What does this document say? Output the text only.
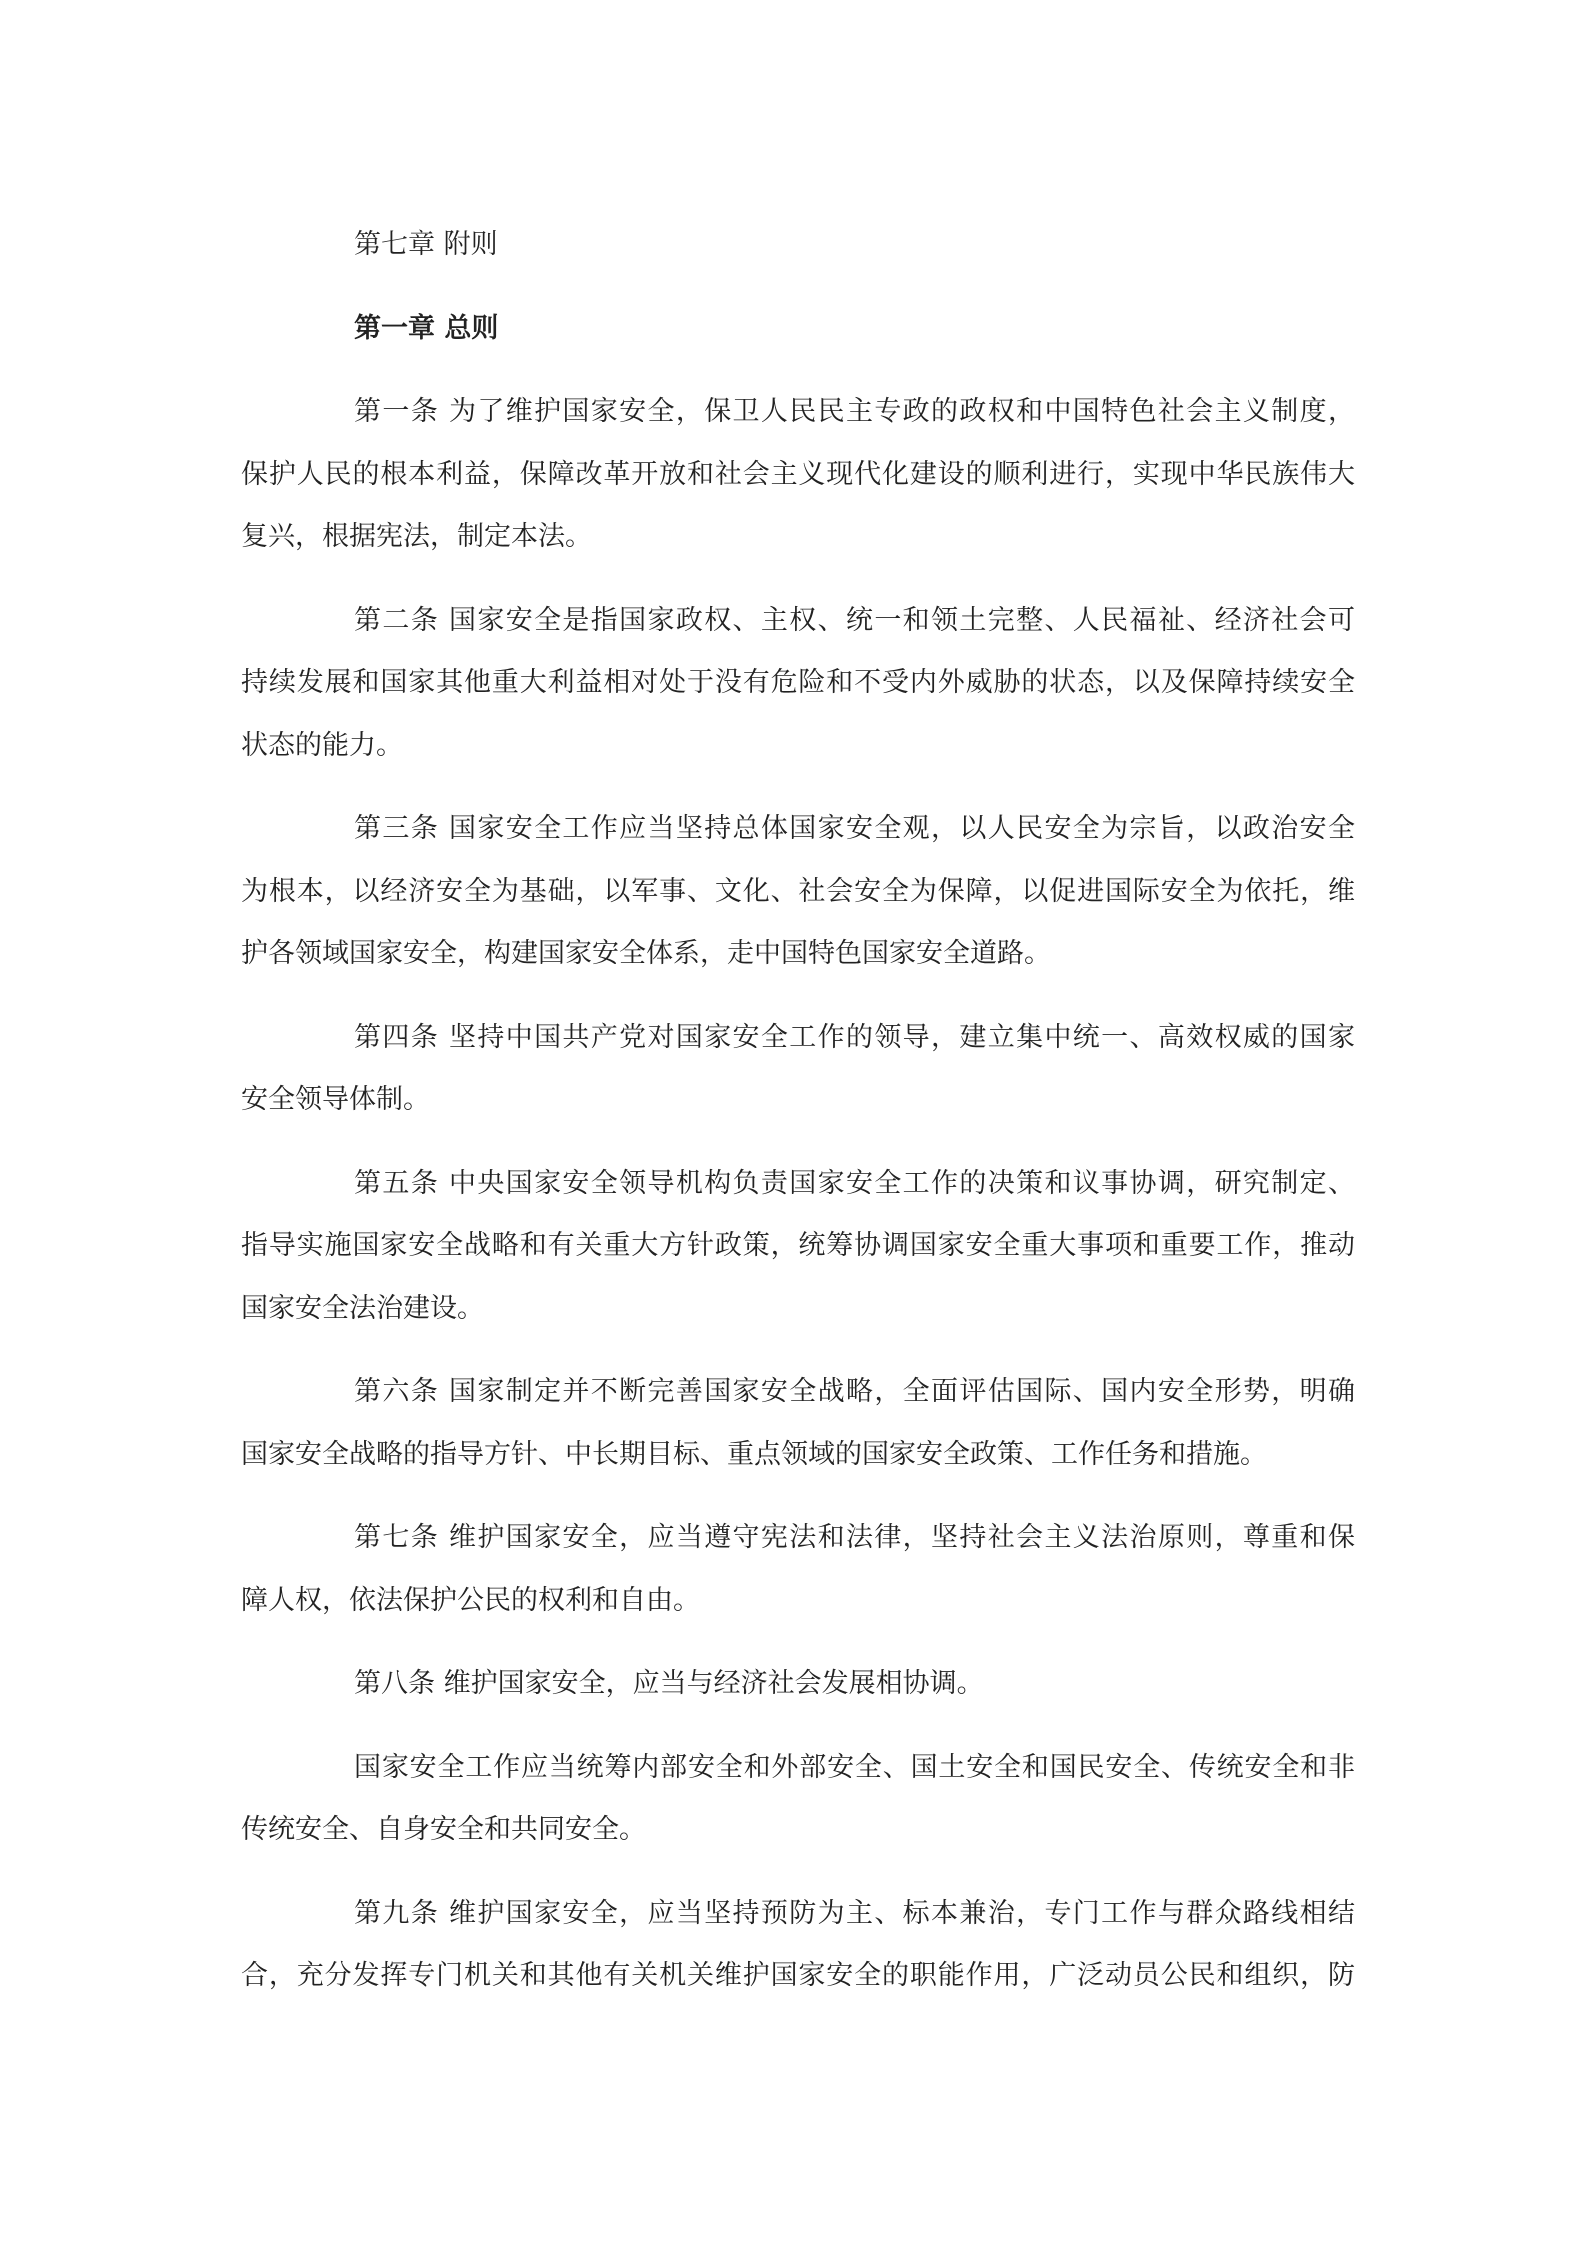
第七章 附则
第一章 总则
第一条 为了维护国家安全，保卫人民民主专政的政权和中国特色社会主义制度，
保护人民的根本利益，保障改革开放和社会主义现代化建设的顺利进行，实现中华民族伟大
复兴，根据宪法，制定本法。
第二条 国家安全是指国家政权、主权、统一和领土完整、人民福祉、经济社会可
持续发展和国家其他重大利益相对处于没有危险和不受内外威胁的状态，以及保障持续安全
状态的能力。
第三条 国家安全工作应当坚持总体国家安全观，以人民安全为宗旨，以政治安全
为根本，以经济安全为基础，以军事、文化、社会安全为保障，以促进国际安全为依托，维
护各领域国家安全，构建国家安全体系，走中国特色国家安全道路。
第四条 坚持中国共产党对国家安全工作的领导，建立集中统一、高效权威的国家
安全领导体制。
第五条 中央国家安全领导机构负责国家安全工作的决策和议事协调，研究制定、
指导实施国家安全战略和有关重大方针政策，统筹协调国家安全重大事项和重要工作，推动
国家安全法治建设。
第六条 国家制定并不断完善国家安全战略，全面评估国际、国内安全形势，明确
国家安全战略的指导方针、中长期目标、重点领域的国家安全政策、工作任务和措施。
第七条 维护国家安全，应当遵守宪法和法律，坚持社会主义法治原则，尊重和保
障人权，依法保护公民的权利和自由。
第八条 维护国家安全，应当与经济社会发展相协调。
国家安全工作应当统筹内部安全和外部安全、国土安全和国民安全、传统安全和非
传统安全、自身安全和共同安全。
第九条 维护国家安全，应当坚持预防为主、标本兼治，专门工作与群众路线相结
合，充分发挥专门机关和其他有关机关维护国家安全的职能作用，广泛动员公民和组织，防
